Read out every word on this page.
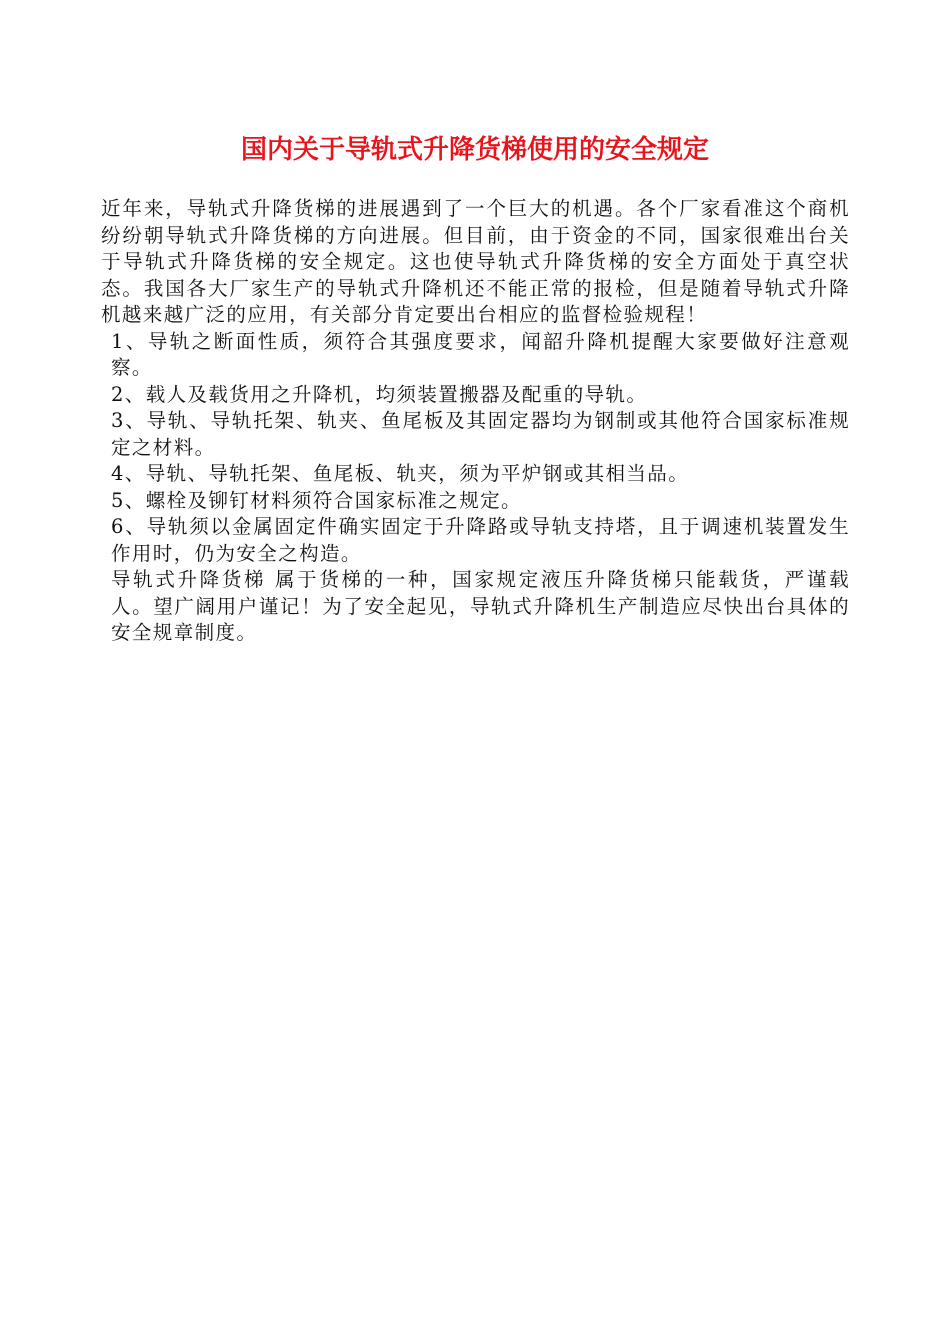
国内关于导轨式升降货梯使用的安全规定

近年来，导轨式升降货梯的进展遇到了一个巨大的机遇。各个厂家看准这个商机纷纷朝导轨式升降货梯的方向进展。但目前，由于资金的不同，国家很难出台关于导轨式升降货梯的安全规定。这也使导轨式升降货梯的安全方面处于真空状态。我国各大厂家生产的导轨式升降机还不能正常的报检，但是随着导轨式升降机越来越广泛的应用，有关部分肯定要出台相应的监督检验规程！

1、导轨之断面性质，须符合其强度要求，闻韶升降机提醒大家要做好注意观察。

2、载人及载货用之升降机，均须装置搬器及配重的导轨。

3、导轨、导轨托架、轨夹、鱼尾板及其固定器均为钢制或其他符合国家标准规定之材料。

4、导轨、导轨托架、鱼尾板、轨夹，须为平炉钢或其相当品。

5、螺栓及铆钉材料须符合国家标准之规定。

6、导轨须以金属固定件确实固定于升降路或导轨支持塔，且于调速机装置发生作用时，仍为安全之构造。

导轨式升降货梯 属于货梯的一种，国家规定液压升降货梯只能载货，严谨载人。望广阔用户谨记！为了安全起见，导轨式升降机生产制造应尽快出台具体的安全规章制度。
